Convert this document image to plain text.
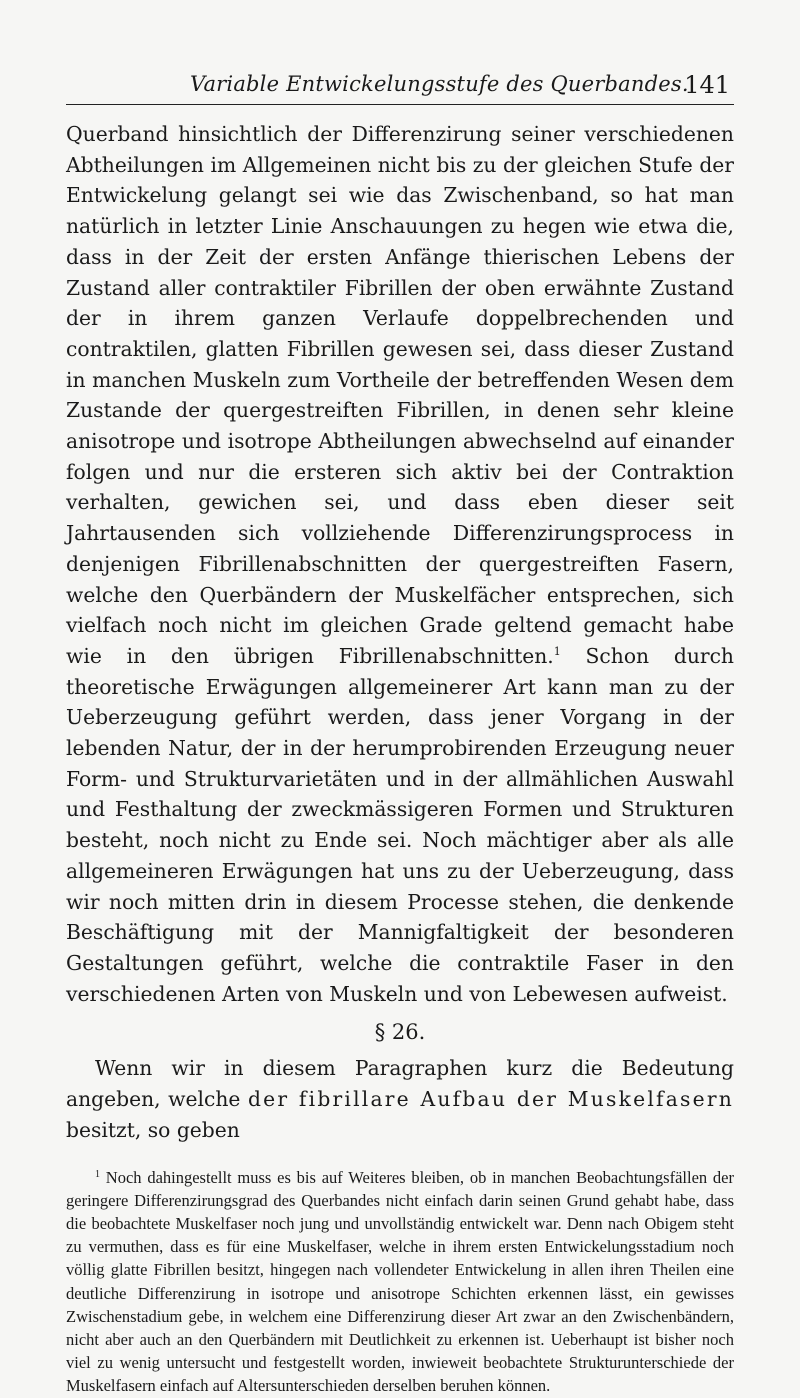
Variable Entwickelungsstufe des Querbandes.
141

Querband hinsichtlich der Differenzirung seiner verschiedenen Abtheilungen im Allgemeinen nicht bis zu der gleichen Stufe der Entwickelung gelangt sei wie das Zwischenband, so hat man natürlich in letzter Linie Anschauungen zu hegen wie etwa die, dass in der Zeit der ersten Anfänge thierischen Lebens der Zustand aller contraktiler Fibrillen der oben erwähnte Zustand der in ihrem ganzen Verlaufe doppelbrechenden und contraktilen, glatten Fibrillen gewesen sei, dass dieser Zustand in manchen Muskeln zum Vortheile der betreffenden Wesen dem Zustande der quergestreiften Fibrillen, in denen sehr kleine anisotrope und isotrope Abtheilungen abwechselnd auf einander folgen und nur die ersteren sich aktiv bei der Contraktion verhalten, gewichen sei, und dass eben dieser seit Jahrtausenden sich vollziehende Differenzirungsprocess in denjenigen Fibrillenabschnitten der quergestreiften Fasern, welche den Querbändern der Muskelfächer entsprechen, sich vielfach noch nicht im gleichen Grade geltend gemacht habe wie in den übrigen Fibrillenabschnitten.$^1$ Schon durch theoretische Erwägungen allgemeinerer Art kann man zu der Ueberzeugung geführt werden, dass jener Vorgang in der lebenden Natur, der in der herumprobirenden Erzeugung neuer Form- und Strukturvarietäten und in der allmählichen Auswahl und Festhaltung der zweckmässigeren Formen und Strukturen besteht, noch nicht zu Ende sei. Noch mächtiger aber als alle allgemeineren Erwägungen hat uns zu der Ueberzeugung, dass wir noch mitten drin in diesem Processe stehen, die denkende Beschäftigung mit der Mannigfaltigkeit der besonderen Gestaltungen geführt, welche die contraktile Faser in den verschiedenen Arten von Muskeln und von Lebewesen aufweist.

§ 26.

Wenn wir in diesem Paragraphen kurz die Bedeutung angeben, welche der fibrillare Aufbau der Muskelfasern besitzt, so geben

$^1$ Noch dahingestellt muss es bis auf Weiteres bleiben, ob in manchen Beobachtungsfällen der geringere Differenzirungsgrad des Querbandes nicht einfach darin seinen Grund gehabt habe, dass die beobachtete Muskelfaser noch jung und unvollständig entwickelt war. Denn nach Obigem steht zu vermuthen, dass es für eine Muskelfaser, welche in ihrem ersten Entwickelungsstadium noch völlig glatte Fibrillen besitzt, hingegen nach vollendeter Entwickelung in allen ihren Theilen eine deutliche Differenzirung in isotrope und anisotrope Schichten erkennen lässt, ein gewisses Zwischenstadium gebe, in welchem eine Differenzirung dieser Art zwar an den Zwischenbändern, nicht aber auch an den Querbändern mit Deutlichkeit zu erkennen ist. Ueberhaupt ist bisher noch viel zu wenig untersucht und festgestellt worden, inwieweit beobachtete Strukturunterschiede der Muskelfasern einfach auf Altersunterschieden derselben beruhen können.
